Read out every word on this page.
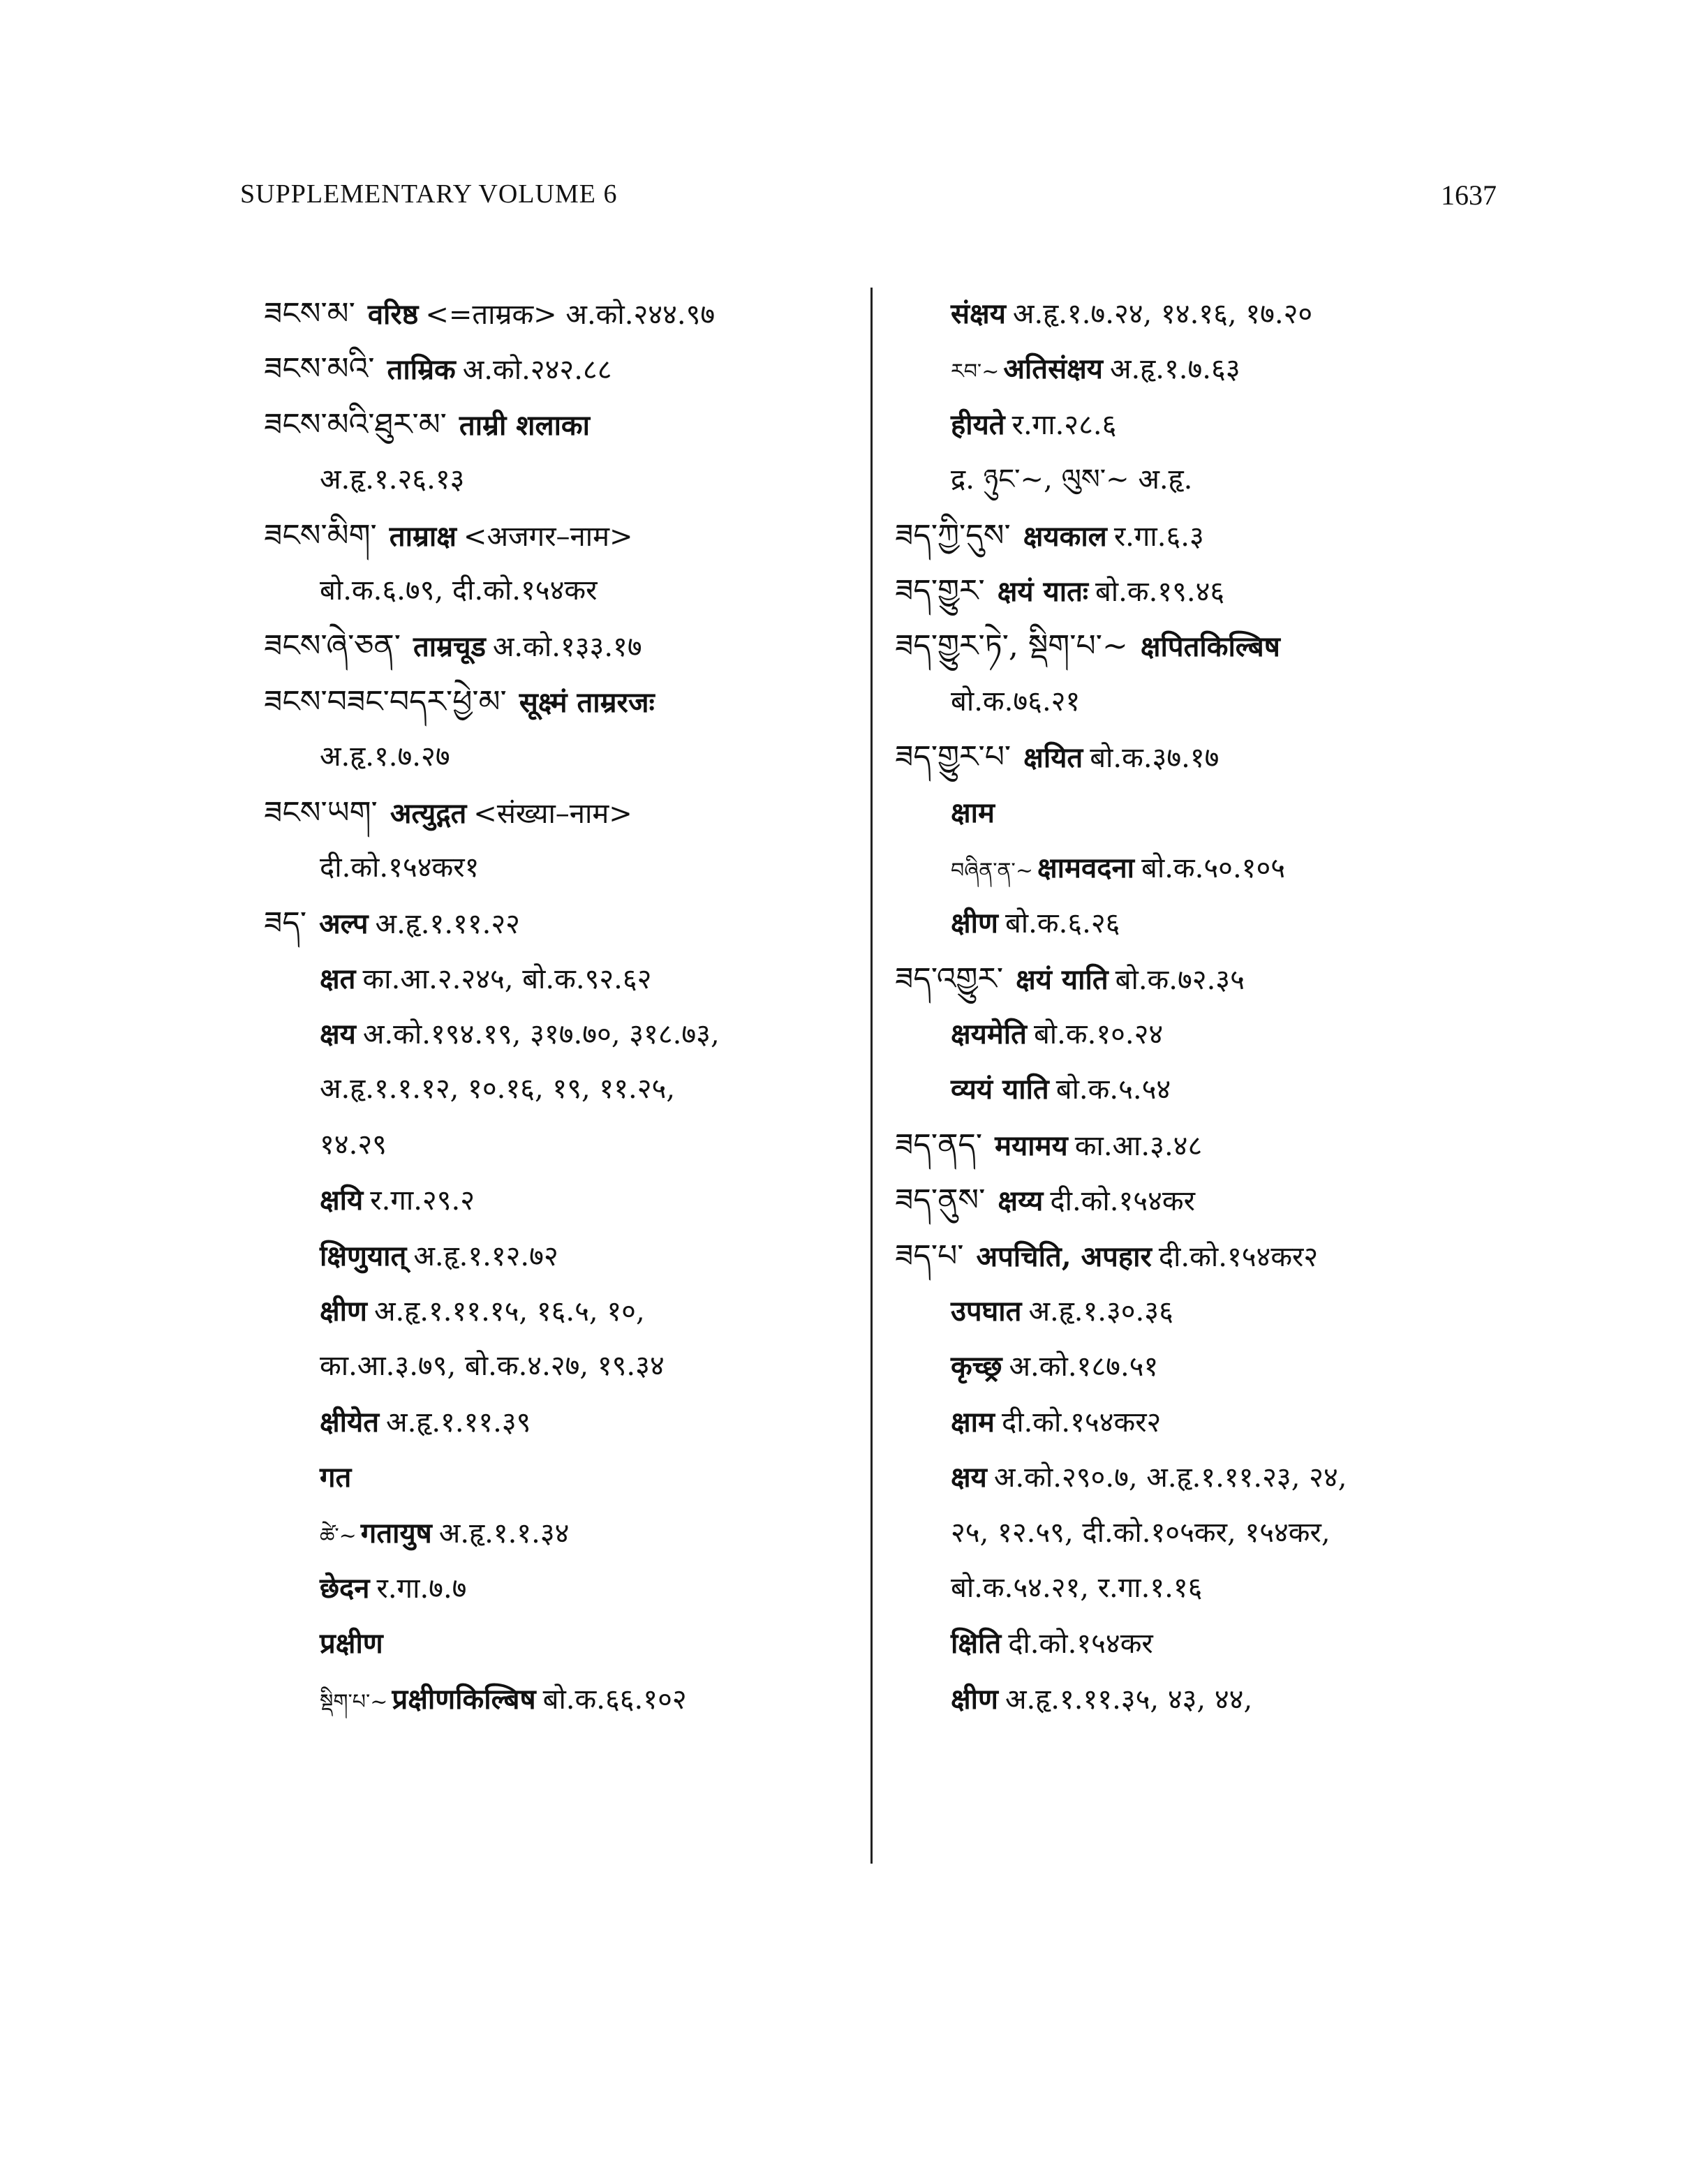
SUPPLEMENTARY VOLUME 6	1637
ཟངས་མ་ वरिष्ठ <=ताम्रक> अ.को.२४४.९७
ཟངས་མའི་ ताम्रिक अ.को.२४२.८८
ཟངས་མའི་ཐུར་མ་ ताम्री शलाका
अ.हृ.१.२६.१३
ཟངས་མིག་ ताम्राक्ष <अजगर–नाम>
बो.क.६.७९, दी.को.१५४कर
ཟངས་ཞེ་ཅན་ ताम्रचूड अ.को.१३३.१७
ཟངས་བཟང་བདར་ཕྱེ་མ་ सूक्ष्मं ताम्ररजः
अ.हृ.१.७.२७
ཟངས་ཡག་ अत्युद्गत <संख्या–नाम>
दी.को.१५४कर१
ཟད་ अल्प अ.हृ.१.११.२२
क्षत का.आ.२.२४५, बो.क.९२.६२
क्षय अ.को.१९४.१९, ३१७.७०, ३१८.७३,
अ.हृ.१.१.१२, १०.१६, १९, ११.२५,
१४.२९
क्षयि र.गा.२९.२
क्षिणुयात् अ.हृ.१.१२.७२
क्षीण अ.हृ.१.११.१५, १६.५, १०,
का.आ.३.७९, बो.क.४.२७, १९.३४
क्षीयेत अ.हृ.१.११.३९
गत
ཚེ་~ गतायुष अ.हृ.१.१.३४
छेदन र.गा.७.७
प्रक्षीण
སྡིག་པ་~ प्रक्षीणकिल्बिष बो.क.६६.१०२
संक्षय अ.हृ.१.७.२४, १४.१६, १७.२०
རབ་~ अतिसंक्षय अ.हृ.१.७.६३
हीयते र.गा.२८.६
द्र. ཉུང་~, ལུས་~ अ.हृ.
ཟད་ཀྱི་དུས་ क्षयकाल र.गा.६.३
ཟད་གྱུར་ क्षयं यातः बो.क.१९.४६
ཟད་གྱུར་ཏེ་, སྡིག་པ་~ क्षपितकिल्बिष
बो.क.७६.२१
ཟད་གྱུར་པ་ क्षयित बो.क.३७.१७
क्षाम
བཞིན་ན་~ क्षामवदना बो.क.५०.१०५
क्षीण बो.क.६.२६
ཟད་འགྱུར་ क्षयं याति बो.क.७२.३५
क्षयमेति बो.क.१०.२४
व्ययं याति बो.क.५.५४
ཟད་ནད་ मयामय का.आ.३.४८
ཟད་ནུས་ क्षय्य दी.को.१५४कर
ཟད་པ་ अपचिति, अपहार दी.को.१५४कर२
उपघात अ.हृ.१.३०.३६
कृच्छ्र अ.को.१८७.५१
क्षाम दी.को.१५४कर२
क्षय अ.को.२९०.७, अ.हृ.१.११.२३, २४,
२५, १२.५९, दी.को.१०५कर, १५४कर,
बो.क.५४.२१, र.गा.१.१६
क्षिति दी.को.१५४कर
क्षीण अ.हृ.१.११.३५, ४३, ४४,
